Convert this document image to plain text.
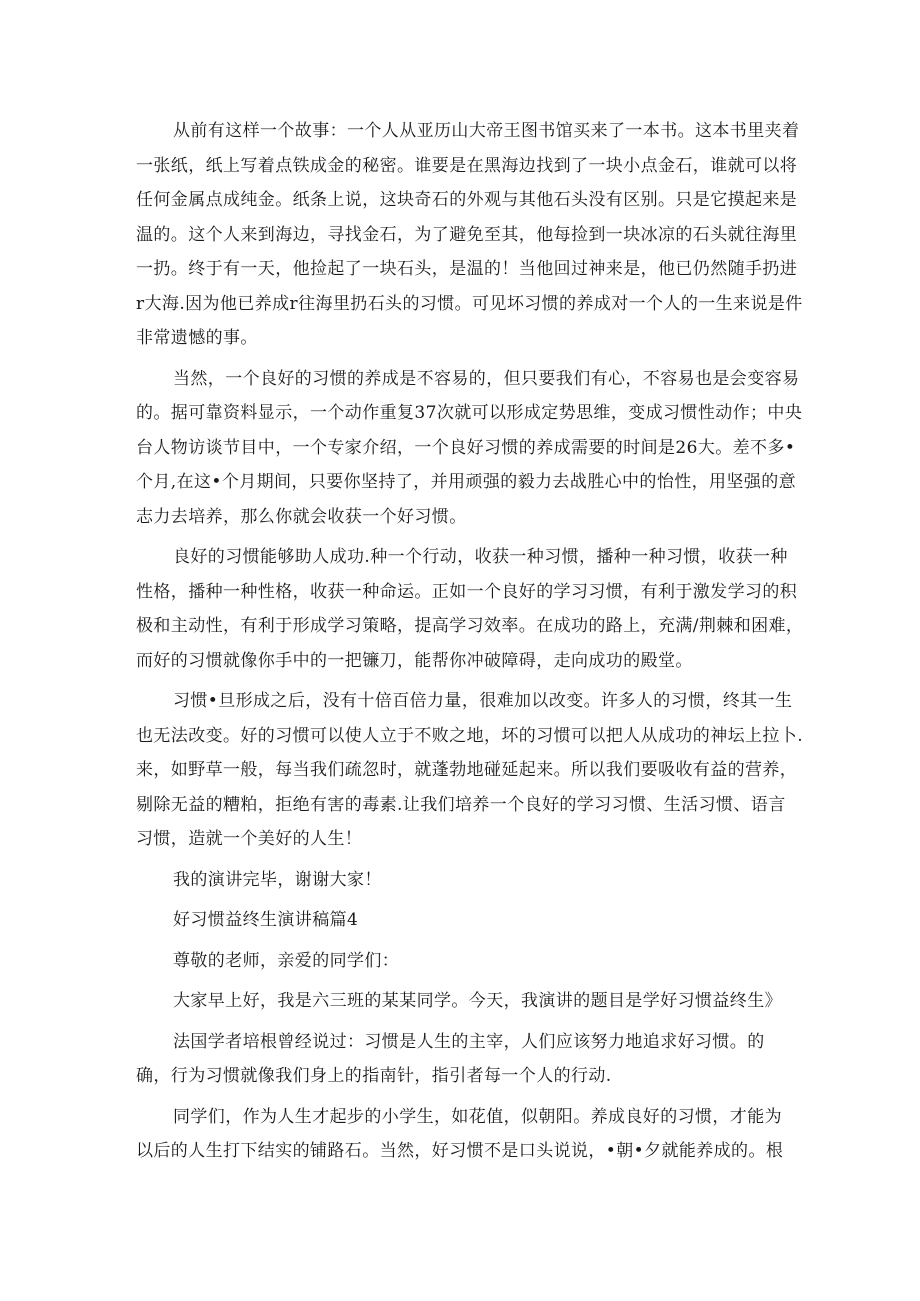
从前有这样一个故事：一个人从亚历山大帝王图书馆买来了一本书。这本书里夹着
一张纸，纸上写着点铁成金的秘密。谁要是在黑海边找到了一块小点金石，谁就可以将
任何金属点成纯金。纸条上说，这块奇石的外观与其他石头没有区别。只是它摸起来是
温的。这个人来到海边，寻找金石，为了避免至其，他每捡到一块冰凉的石头就往海里
一扔。终于有一天，他捡起了一块石头，是温的！当他回过神来是，他已仍然随手扔进
r大海.因为他已养成r往海里扔石头的习惯。可见坏习惯的养成对一个人的一生来说是件
非常遗憾的事。

当然，一个良好的习惯的养成是不容易的，但只要我们有心，不容易也是会变容易
的。据可靠资料显示，一个动作重复37次就可以形成定势思维，变成习惯性动作；中央
台人物访谈节目中，一个专家介绍，一个良好习惯的养成需要的时间是26大。差不多•
个月,在这•个月期间，只要你坚持了，并用顽强的毅力去战胜心中的怡性，用坚强的意
志力去培养，那么你就会收获一个好习惯。

良好的习惯能够助人成功.种一个行动，收获一种习惯，播种一种习惯，收获一种
性格，播种一种性格，收获一种命运。正如一个良好的学习习惯，有利于激发学习的积
极和主动性，有利于形成学习策略，提高学习效率。在成功的路上，充满/荆棘和困难，
而好的习惯就像你手中的一把镰刀，能帮你冲破障碍，走向成功的殿堂。

习惯•旦形成之后，没有十倍百倍力量，很难加以改变。许多人的习惯，终其一生
也无法改变。好的习惯可以使人立于不败之地，坏的习惯可以把人从成功的神坛上拉卜.
来，如野草一般，每当我们疏忽时，就蓬勃地碰延起来。所以我们要吸收有益的营养，
剔除无益的糟粕，拒绝有害的毒素.让我们培养一个良好的学习习惯、生活习惯、语言
习惯，造就一个美好的人生！

我的演讲完毕，谢谢大家！

好习惯益终生演讲稿篇4

尊敬的老师，亲爱的同学们：

大家早上好，我是六三班的某某同学。今天，我演讲的题目是学好习惯益终生》

法国学者培根曾经说过：习惯是人生的主宰，人们应该努力地追求好习惯。的
确，行为习惯就像我们身上的指南针，指引者每一个人的行动.

同学们，作为人生才起步的小学生，如花值，似朝阳。养成良好的习惯，才能为
以后的人生打下结实的铺路石。当然，好习惯不是口头说说，•朝•夕就能养成的。根
